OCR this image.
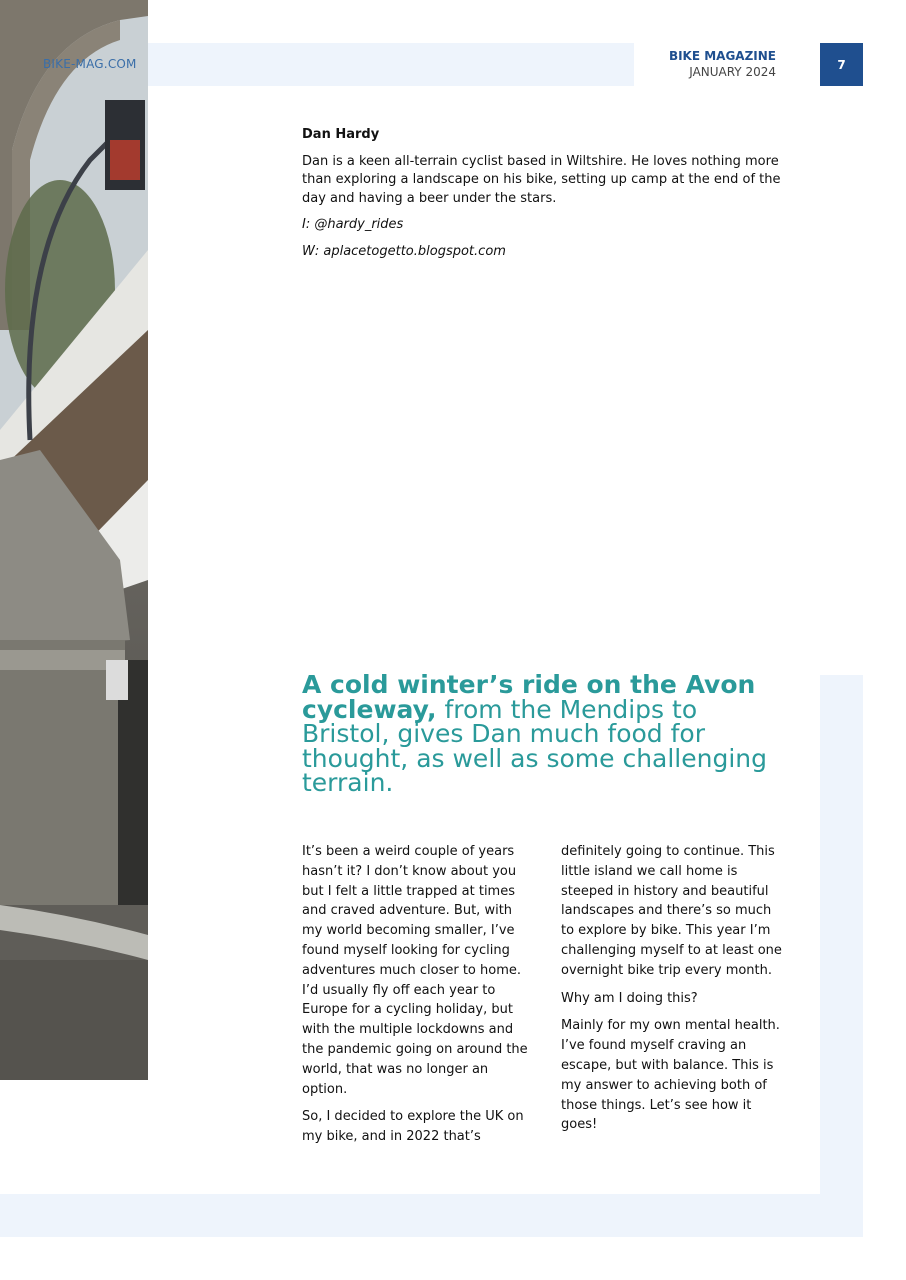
BIKE-MAG.COM
BIKE MAGAZINE
JANUARY 2024
7

Dan Hardy

Dan is a keen all-terrain cyclist based in Wiltshire. He loves nothing more than exploring a landscape on his bike, setting up camp at the end of the day and having a beer under the stars.

I: @hardy_rides

W: aplacetogetto.blogspot.com

A cold winter’s ride on the Avon cycleway, from the Mendips to Bristol, gives Dan much food for thought, as well as some challenging terrain.

It’s been a weird couple of years hasn’t it? I don’t know about you but I felt a little trapped at times and craved adventure. But, with my world becoming smaller, I’ve found myself looking for cycling adventures much closer to home. I’d usually fly off each year to Europe for a cycling holiday, but with the multiple lockdowns and the pandemic going on around the world, that was no longer an option.

So, I decided to explore the UK on my bike, and in 2022 that’s

definitely going to continue. This little island we call home is steeped in history and beautiful landscapes and there’s so much to explore by bike. This year I’m challenging myself to at least one overnight bike trip every month.

Why am I doing this?

Mainly for my own mental health. I’ve found myself craving an escape, but with balance. This is my answer to achieving both of those things. Let’s see how it goes!
